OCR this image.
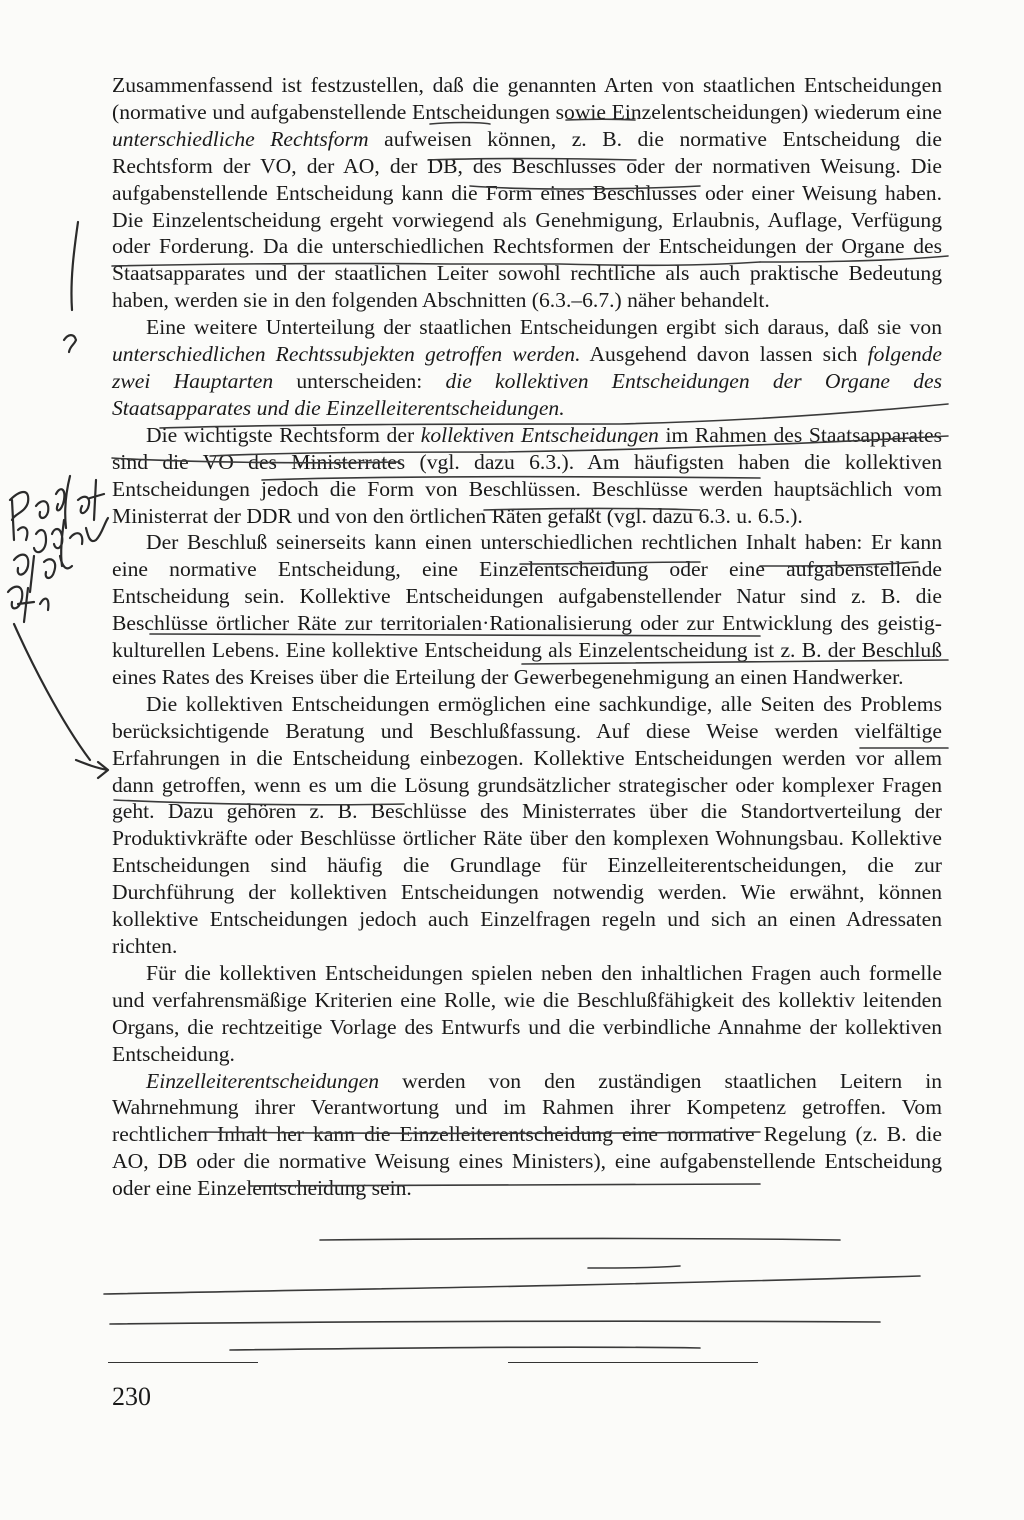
Zusammenfassend ist festzustellen, daß die genannten Arten von staatlichen Entscheidungen (normative und aufgabenstellende Entscheidungen sowie Einzelentscheidungen) wiederum eine unterschiedliche Rechtsform aufweisen können, z. B. die normative Entscheidung die Rechtsform der VO, der AO, der DB, des Beschlusses oder der normativen Weisung. Die aufgabenstellende Entscheidung kann die Form eines Beschlusses oder einer Weisung haben. Die Einzelentscheidung ergeht vorwiegend als Genehmigung, Erlaubnis, Auflage, Verfügung oder Forderung. Da die unterschiedlichen Rechtsformen der Entscheidungen der Organe des Staatsapparates und der staatlichen Leiter sowohl rechtliche als auch praktische Bedeutung haben, werden sie in den folgenden Abschnitten (6.3.–6.7.) näher behandelt.

Eine weitere Unterteilung der staatlichen Entscheidungen ergibt sich daraus, daß sie von unterschiedlichen Rechtssubjekten getroffen werden. Ausgehend davon lassen sich folgende zwei Hauptarten unterscheiden: die kollektiven Entscheidungen der Organe des Staatsapparates und die Einzelleiterentscheidungen.

Die wichtigste Rechtsform der kollektiven Entscheidungen im Rahmen des Staatsapparates sind die VO des Ministerrates (vgl. dazu 6.3.). Am häufigsten haben die kollektiven Entscheidungen jedoch die Form von Beschlüssen. Beschlüsse werden hauptsächlich vom Ministerrat der DDR und von den örtlichen Räten gefaßt (vgl. dazu 6.3. u. 6.5.).

Der Beschluß seinerseits kann einen unterschiedlichen rechtlichen Inhalt haben: Er kann eine normative Entscheidung, eine Einzelentscheidung oder eine aufgabenstellende Entscheidung sein. Kollektive Entscheidungen aufgabenstellender Natur sind z. B. die Beschlüsse örtlicher Räte zur territorialen·Rationalisierung oder zur Entwicklung des geistig-kulturellen Lebens. Eine kollektive Entscheidung als Einzelentscheidung ist z. B. der Beschluß eines Rates des Kreises über die Erteilung der Gewerbegenehmigung an einen Handwerker.

Die kollektiven Entscheidungen ermöglichen eine sachkundige, alle Seiten des Problems berücksichtigende Beratung und Beschlußfassung. Auf diese Weise werden vielfältige Erfahrungen in die Entscheidung einbezogen. Kollektive Entscheidungen werden vor allem dann getroffen, wenn es um die Lösung grundsätzlicher strategischer oder komplexer Fragen geht. Dazu gehören z. B. Beschlüsse des Ministerrates über die Standortverteilung der Produktivkräfte oder Beschlüsse örtlicher Räte über den komplexen Wohnungsbau. Kollektive Entscheidungen sind häufig die Grundlage für Einzelleiterentscheidungen, die zur Durchführung der kollektiven Entscheidungen notwendig werden. Wie erwähnt, können kollektive Entscheidungen jedoch auch Einzelfragen regeln und sich an einen Adressaten richten.

Für die kollektiven Entscheidungen spielen neben den inhaltlichen Fragen auch formelle und verfahrensmäßige Kriterien eine Rolle, wie die Beschlußfähigkeit des kollektiv leitenden Organs, die rechtzeitige Vorlage des Entwurfs und die verbindliche Annahme der kollektiven Entscheidung.

Einzelleiterentscheidungen werden von den zuständigen staatlichen Leitern in Wahrnehmung ihrer Verantwortung und im Rahmen ihrer Kompetenz getroffen. Vom rechtlichen Inhalt her kann die Einzelleiterentscheidung eine normative Regelung (z. B. die AO, DB oder die normative Weisung eines Ministers), eine aufgabenstellende Entscheidung oder eine Einzelentscheidung sein.

230
